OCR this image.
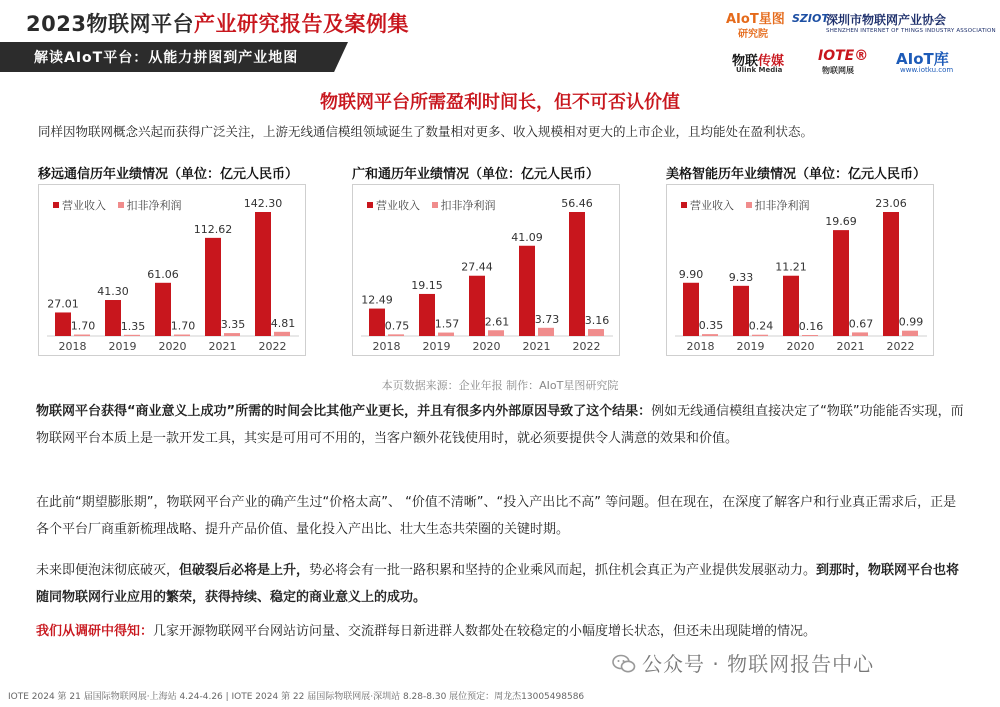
2023物联网平台产业研究报告及案例集
解读AIoT平台：从能力拼图到产业地图
AIoT星图
研究院
SZIOT
深圳市物联网产业协会
SHENZHEN INTERNET OF THINGS INDUSTRY ASSOCIATION
物联传媒
Ulink Media
IOTE®
物联网展
AIoT库
www.iotku.com
物联网平台所需盈利时间长，但不可否认价值
同样因物联网概念兴起而获得广泛关注，上游无线通信模组领域诞生了数量相对更多、收入规模相对更大的上市企业，且均能处在盈利状态。
移远通信历年业绩情况（单位：亿元人民币）
营业收入 扣非净利润
27.01
1.70
2018
41.30
1.35
2019
61.06
1.70
2020
112.62
3.35
2021
142.30
4.81
2022
广和通历年业绩情况（单位：亿元人民币）
营业收入 扣非净利润
12.49
0.75
2018
19.15
1.57
2019
27.44
2.61
2020
41.09
3.73
2021
56.46
3.16
2022
美格智能历年业绩情况（单位：亿元人民币）
营业收入 扣非净利润
9.90
0.35
2018
9.33
0.24
2019
11.21
0.16
2020
19.69
0.67
2021
23.06
0.99
2022
本页数据来源：企业年报 制作：AIoT星图研究院
物联网平台获得“商业意义上成功”所需的时间会比其他产业更长，并且有很多内外部原因导致了这个结果：例如无线通信模组直接决定了“物联”功能能否实现，而物联网平台本质上是一款开发工具，其实是可用可不用的，当客户额外花钱使用时，就必须要提供令人满意的效果和价值。
在此前“期望膨胀期”，物联网平台产业的确产生过“价格太高”、 “价值不清晰”、“投入产出比不高” 等问题。但在现在，在深度了解客户和行业真正需求后，正是各个平台厂商重新梳理战略、提升产品价值、量化投入产出比、壮大生态共荣圈的关键时期。
未来即便泡沫彻底破灭，但破裂后必将是上升，势必将会有一批一路积累和坚持的企业乘风而起，抓住机会真正为产业提供发展驱动力。到那时，物联网平台也将随同物联网行业应用的繁荣，获得持续、稳定的商业意义上的成功。
我们从调研中得知：几家开源物联网平台网站访问量、交流群每日新进群人数都处在较稳定的小幅度增长状态，但还未出现陡增的情况。
公众号 · 物联网报告中心
IOTE 2024 第 21 届国际物联网展·上海站 4.24-4.26 | IOTE 2024 第 22 届国际物联网展·深圳站 8.28-8.30 展位预定：周龙杰13005498586
